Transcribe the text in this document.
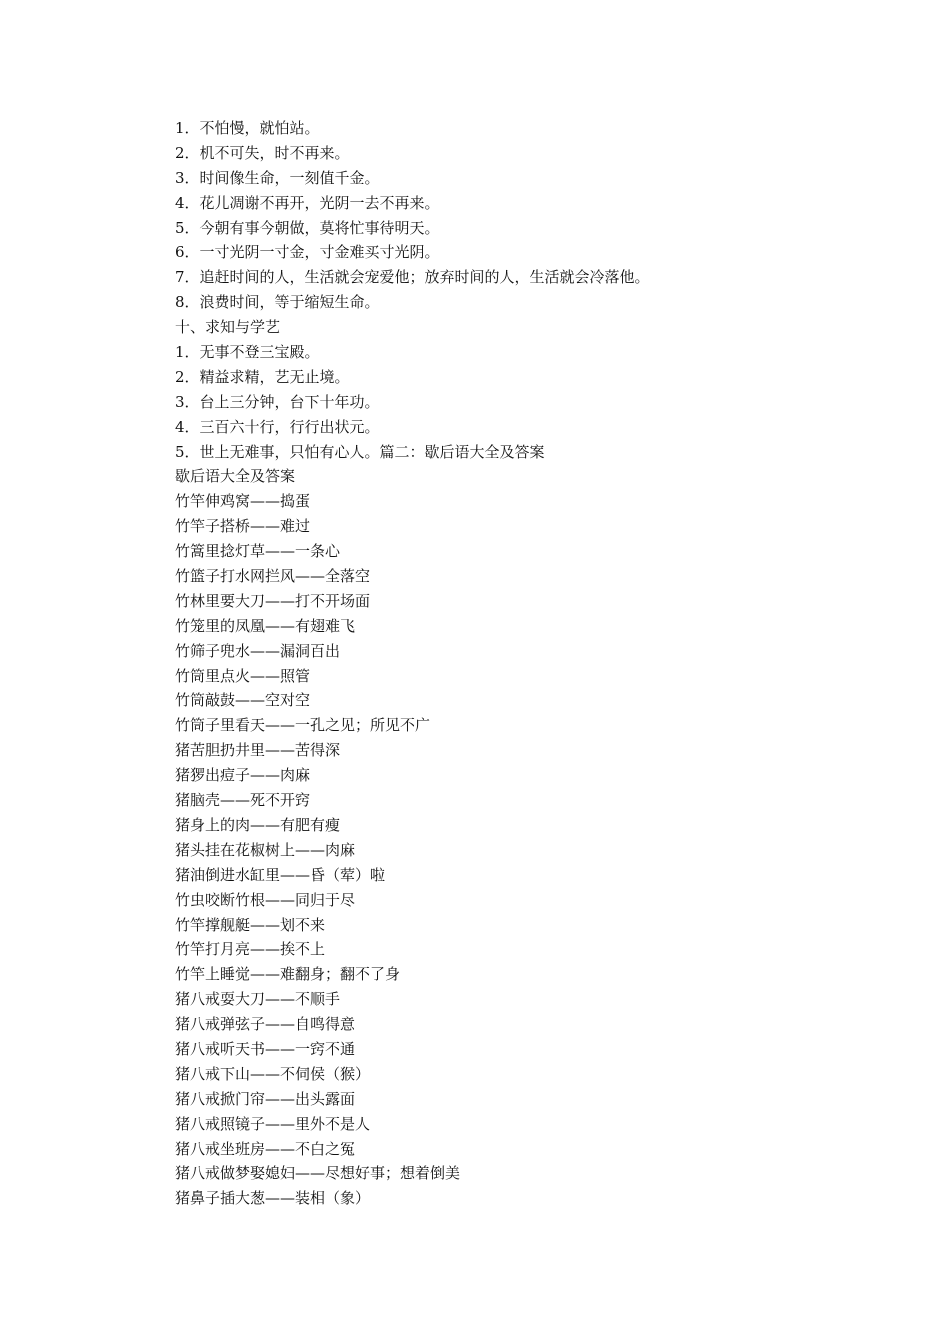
1．不怕慢，就怕站。
2．机不可失，时不再来。
3．时间像生命，一刻值千金。
4．花儿凋谢不再开，光阴一去不再来。
5．今朝有事今朝做，莫将忙事待明天。
6．一寸光阴一寸金，寸金难买寸光阴。
7．追赶时间的人，生活就会宠爱他；放弃时间的人，生活就会冷落他。
8．浪费时间，等于缩短生命。
十、求知与学艺
1．无事不登三宝殿。
2．精益求精，艺无止境。
3．台上三分钟，台下十年功。
4．三百六十行，行行出状元。
5．世上无难事，只怕有心人。篇二：歇后语大全及答案
歇后语大全及答案
竹竿伸鸡窝——捣蛋
竹竿子搭桥——难过
竹篙里捻灯草——一条心
竹篮子打水网拦风——全落空
竹林里要大刀——打不开场面
竹笼里的凤凰——有翅难飞
竹筛子兜水——漏洞百出
竹筒里点火——照管
竹筒敲鼓——空对空
竹筒子里看天——一孔之见；所见不广
猪苦胆扔井里——苦得深
猪猡出痘子——肉麻
猪脑壳——死不开窍
猪身上的肉——有肥有瘦
猪头挂在花椒树上——肉麻
猪油倒进水缸里——昏（荤）啦
竹虫咬断竹根——同归于尽
竹竿撑舰艇——划不来
竹竿打月亮——挨不上
竹竿上睡觉——难翻身；翻不了身
猪八戒耍大刀——不顺手
猪八戒弹弦子——自鸣得意
猪八戒听天书——一窍不通
猪八戒下山——不伺侯（猴）
猪八戒掀门帘——出头露面
猪八戒照镜子——里外不是人
猪八戒坐班房——不白之冤
猪八戒做梦娶媳妇——尽想好事；想着倒美
猪鼻子插大葱——装相（象）
